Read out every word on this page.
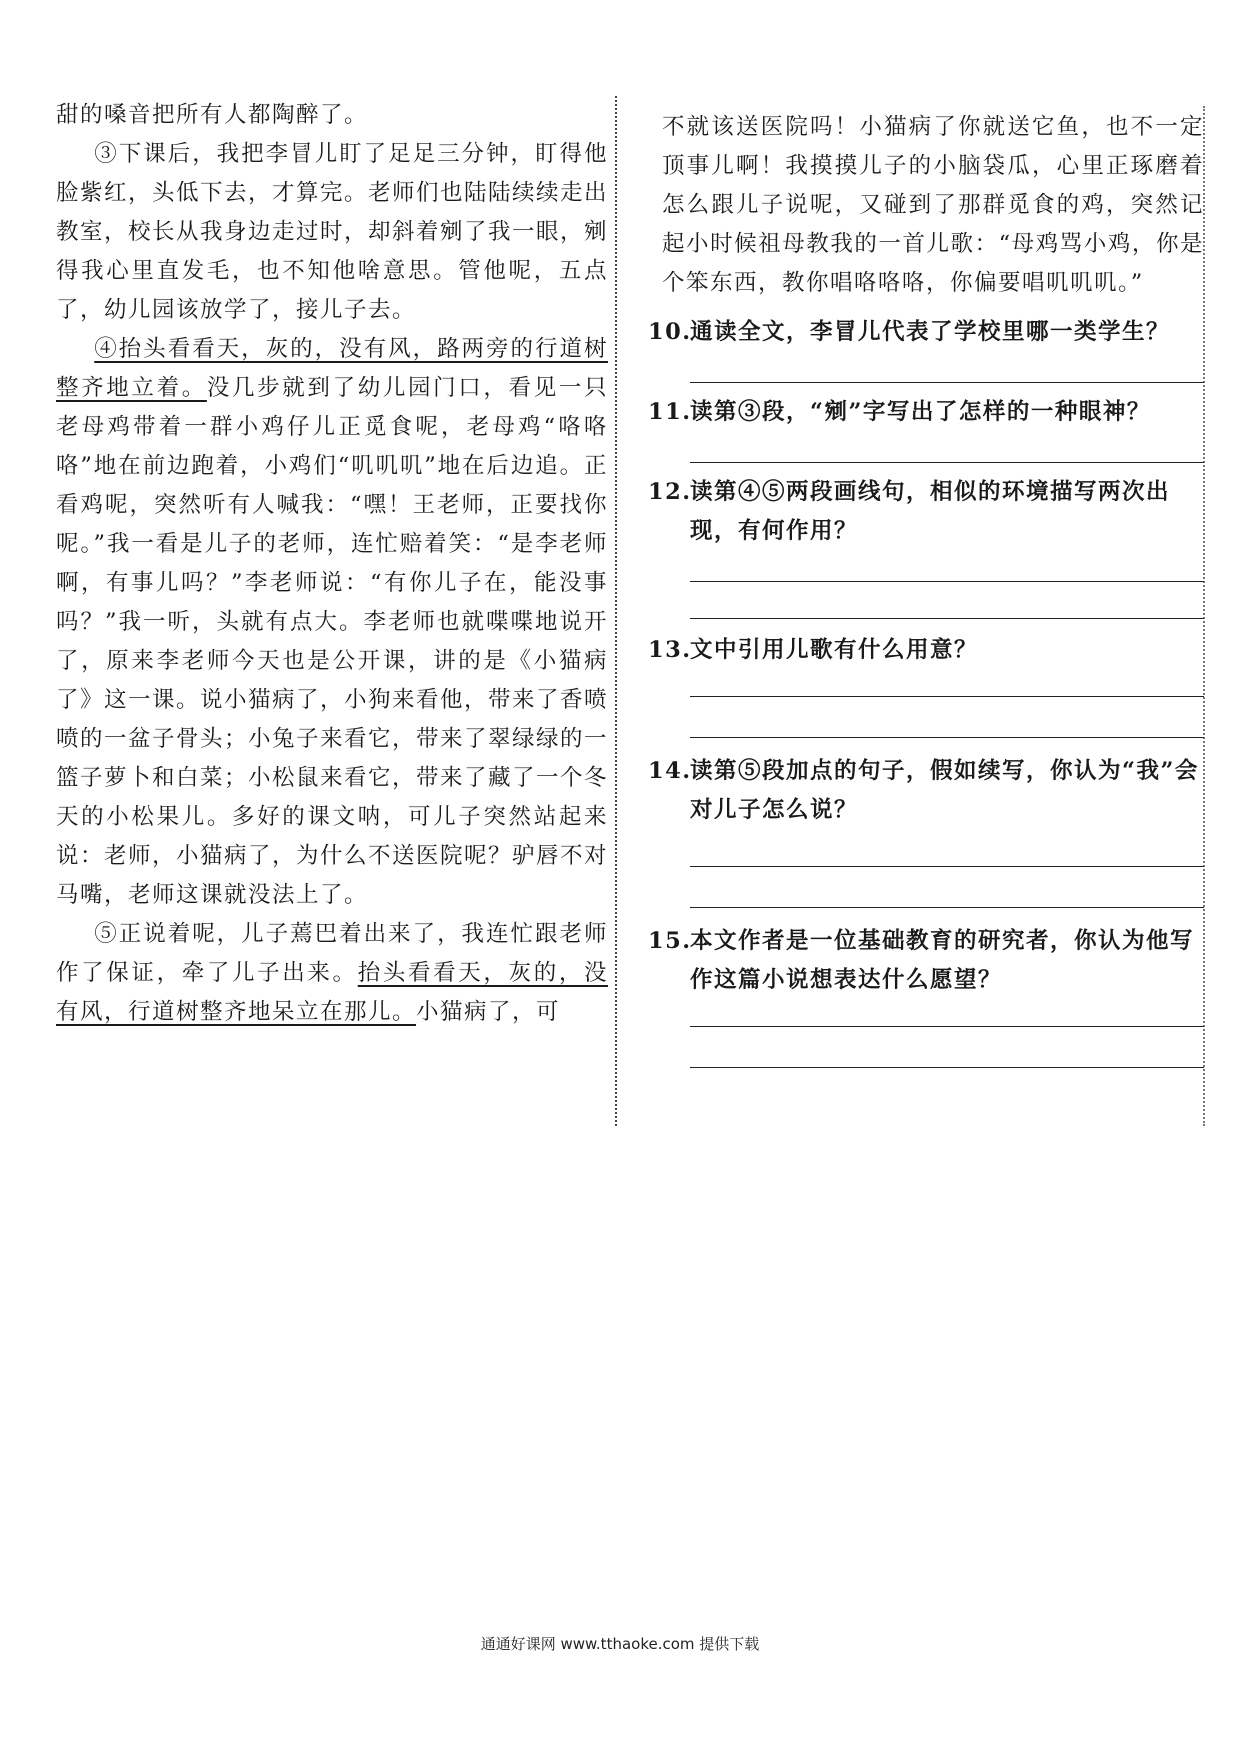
甜的嗓音把所有人都陶醉了。

③下课后，我把李冒儿盯了足足三分钟，盯得他脸紫红，头低下去，才算完。老师们也陆陆续续走出教室，校长从我身边走过时，却斜着剜了我一眼，剜得我心里直发毛，也不知他啥意思。管他呢，五点了，幼儿园该放学了，接儿子去。

④抬头看看天，灰的，没有风，路两旁的行道树整齐地立着。没几步就到了幼儿园门口，看见一只老母鸡带着一群小鸡仔儿正觅食呢，老母鸡“咯咯咯”地在前边跑着，小鸡们“叽叽叽”地在后边追。正看鸡呢，突然听有人喊我：“嘿！王老师，正要找你呢。”我一看是儿子的老师，连忙赔着笑：“是李老师啊，有事儿吗？”李老师说：“有你儿子在，能没事吗？”我一听，头就有点大。李老师也就喋喋地说开了，原来李老师今天也是公开课，讲的是《小猫病了》这一课。说小猫病了，小狗来看他，带来了香喷喷的一盆子骨头；小兔子来看它，带来了翠绿绿的一篮子萝卜和白菜；小松鼠来看它，带来了藏了一个冬天的小松果儿。多好的课文呐，可儿子突然站起来说：老师，小猫病了，为什么不送医院呢？驴唇不对马嘴，老师这课就没法上了。

⑤正说着呢，儿子蔫巴着出来了，我连忙跟老师作了保证，牵了儿子出来。抬头看看天，灰的，没有风，行道树整齐地呆立在那儿。小猫病了，可

不就该送医院吗！小猫病了你就送它鱼，也不一定顶事儿啊！我摸摸儿子的小脑袋瓜，心里正琢磨着怎么跟儿子说呢，又碰到了那群觅食的鸡，突然记起小时候祖母教我的一首儿歌：“母鸡骂小鸡，你是个笨东西，教你唱咯咯咯，你偏要唱叽叽叽。”

10.
通读全文，李冒儿代表了学校里哪一类学生？
11.
读第③段，“剜”字写出了怎样的一种眼神？
12.
读第④⑤两段画线句，相似的环境描写两次出现，有何作用？
13.
文中引用儿歌有什么用意？
14.
读第⑤段加点的句子，假如续写，你认为“我”会对儿子怎么说？
15.
本文作者是一位基础教育的研究者，你认为他写作这篇小说想表达什么愿望？
通通好课网 www.tthaoke.com 提供下载
